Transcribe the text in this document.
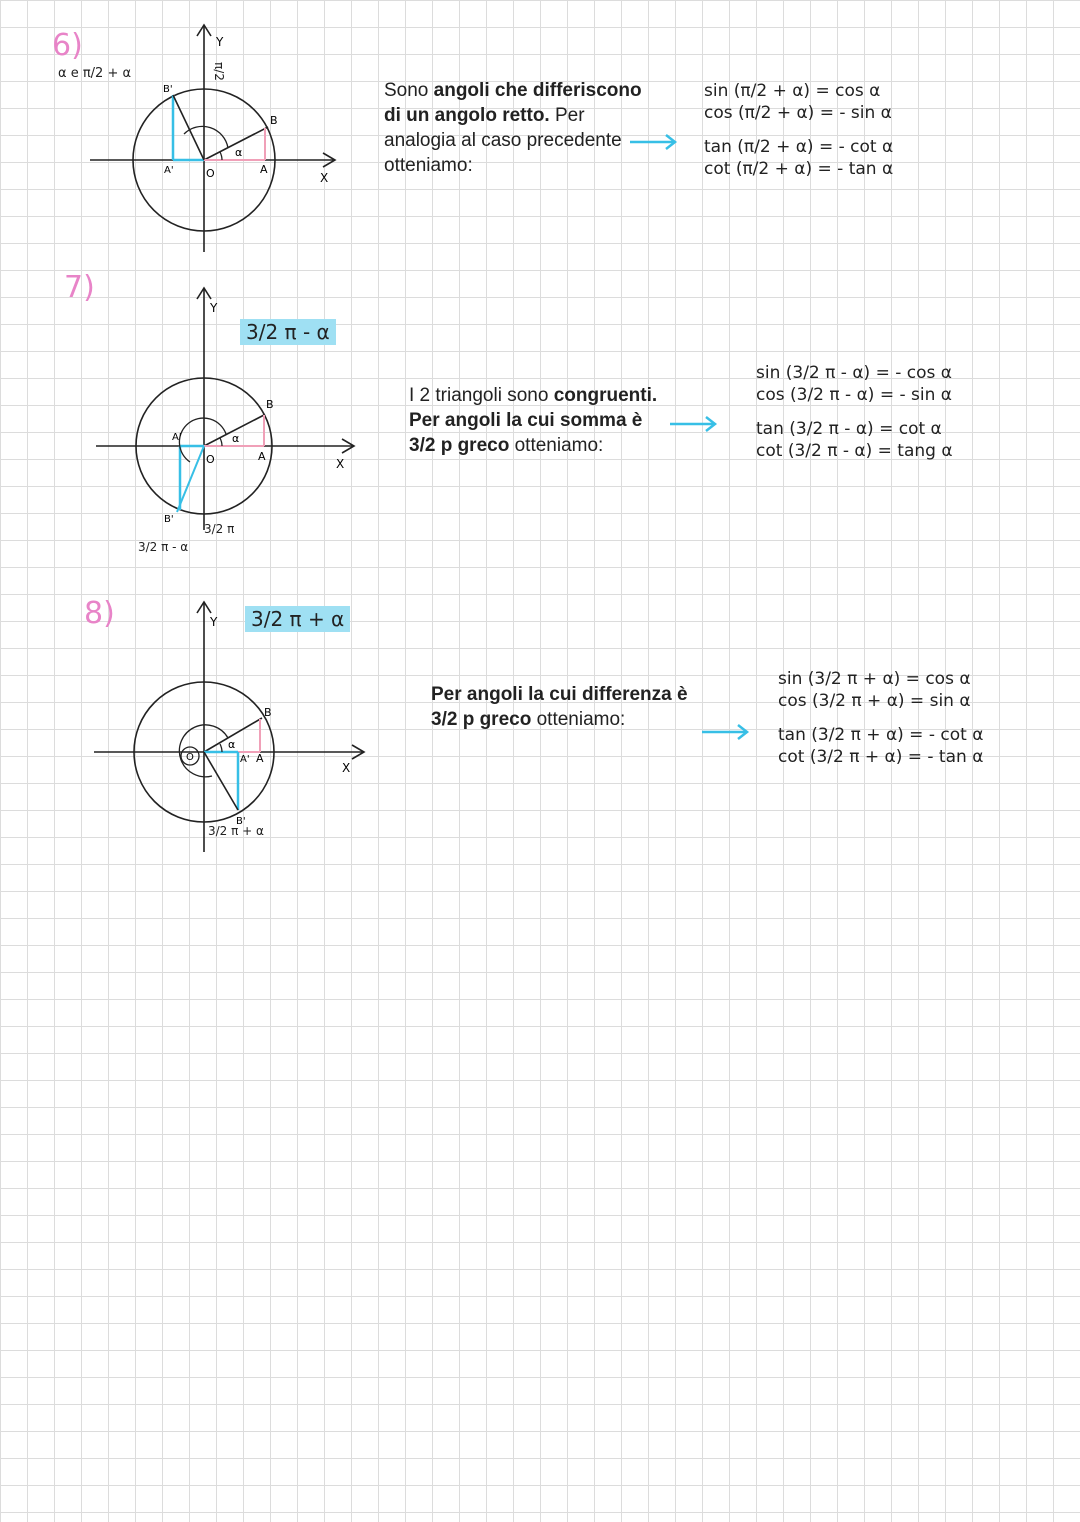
6)
α e π/2 + α	π/2
Y
X
O	A
B
A'
B'
α
Sono angoli che differiscono di un angolo retto. Per analogia al caso precedente otteniamo:
sin (π/2 + α) = cos α
cos (π/2 + α) = - sin α
tan (π/2 + α) = - cot α
cot (π/2 + α) = - tan α
7)
3/2 π - α
Y
X
O	A
B
A'
B'
α
3/2 π - α
3/2 π
I 2 triangoli sono congruenti. Per angoli la cui somma è 3/2 p greco otteniamo:
sin (3/2 π - α) = - cos α
cos (3/2 π - α) = - sin α
tan (3/2 π - α) = cot α
cot (3/2 π - α) = tang α
8)	3/2 π + α
Y
X
O	A
B
A'
B'
α
3/2 π + α
Per angoli la cui differenza è 3/2 p greco otteniamo:
sin (3/2 π + α) = cos α
cos (3/2 π + α) = sin α
tan (3/2 π + α) = - cot α
cot (3/2 π + α) = - tan α
